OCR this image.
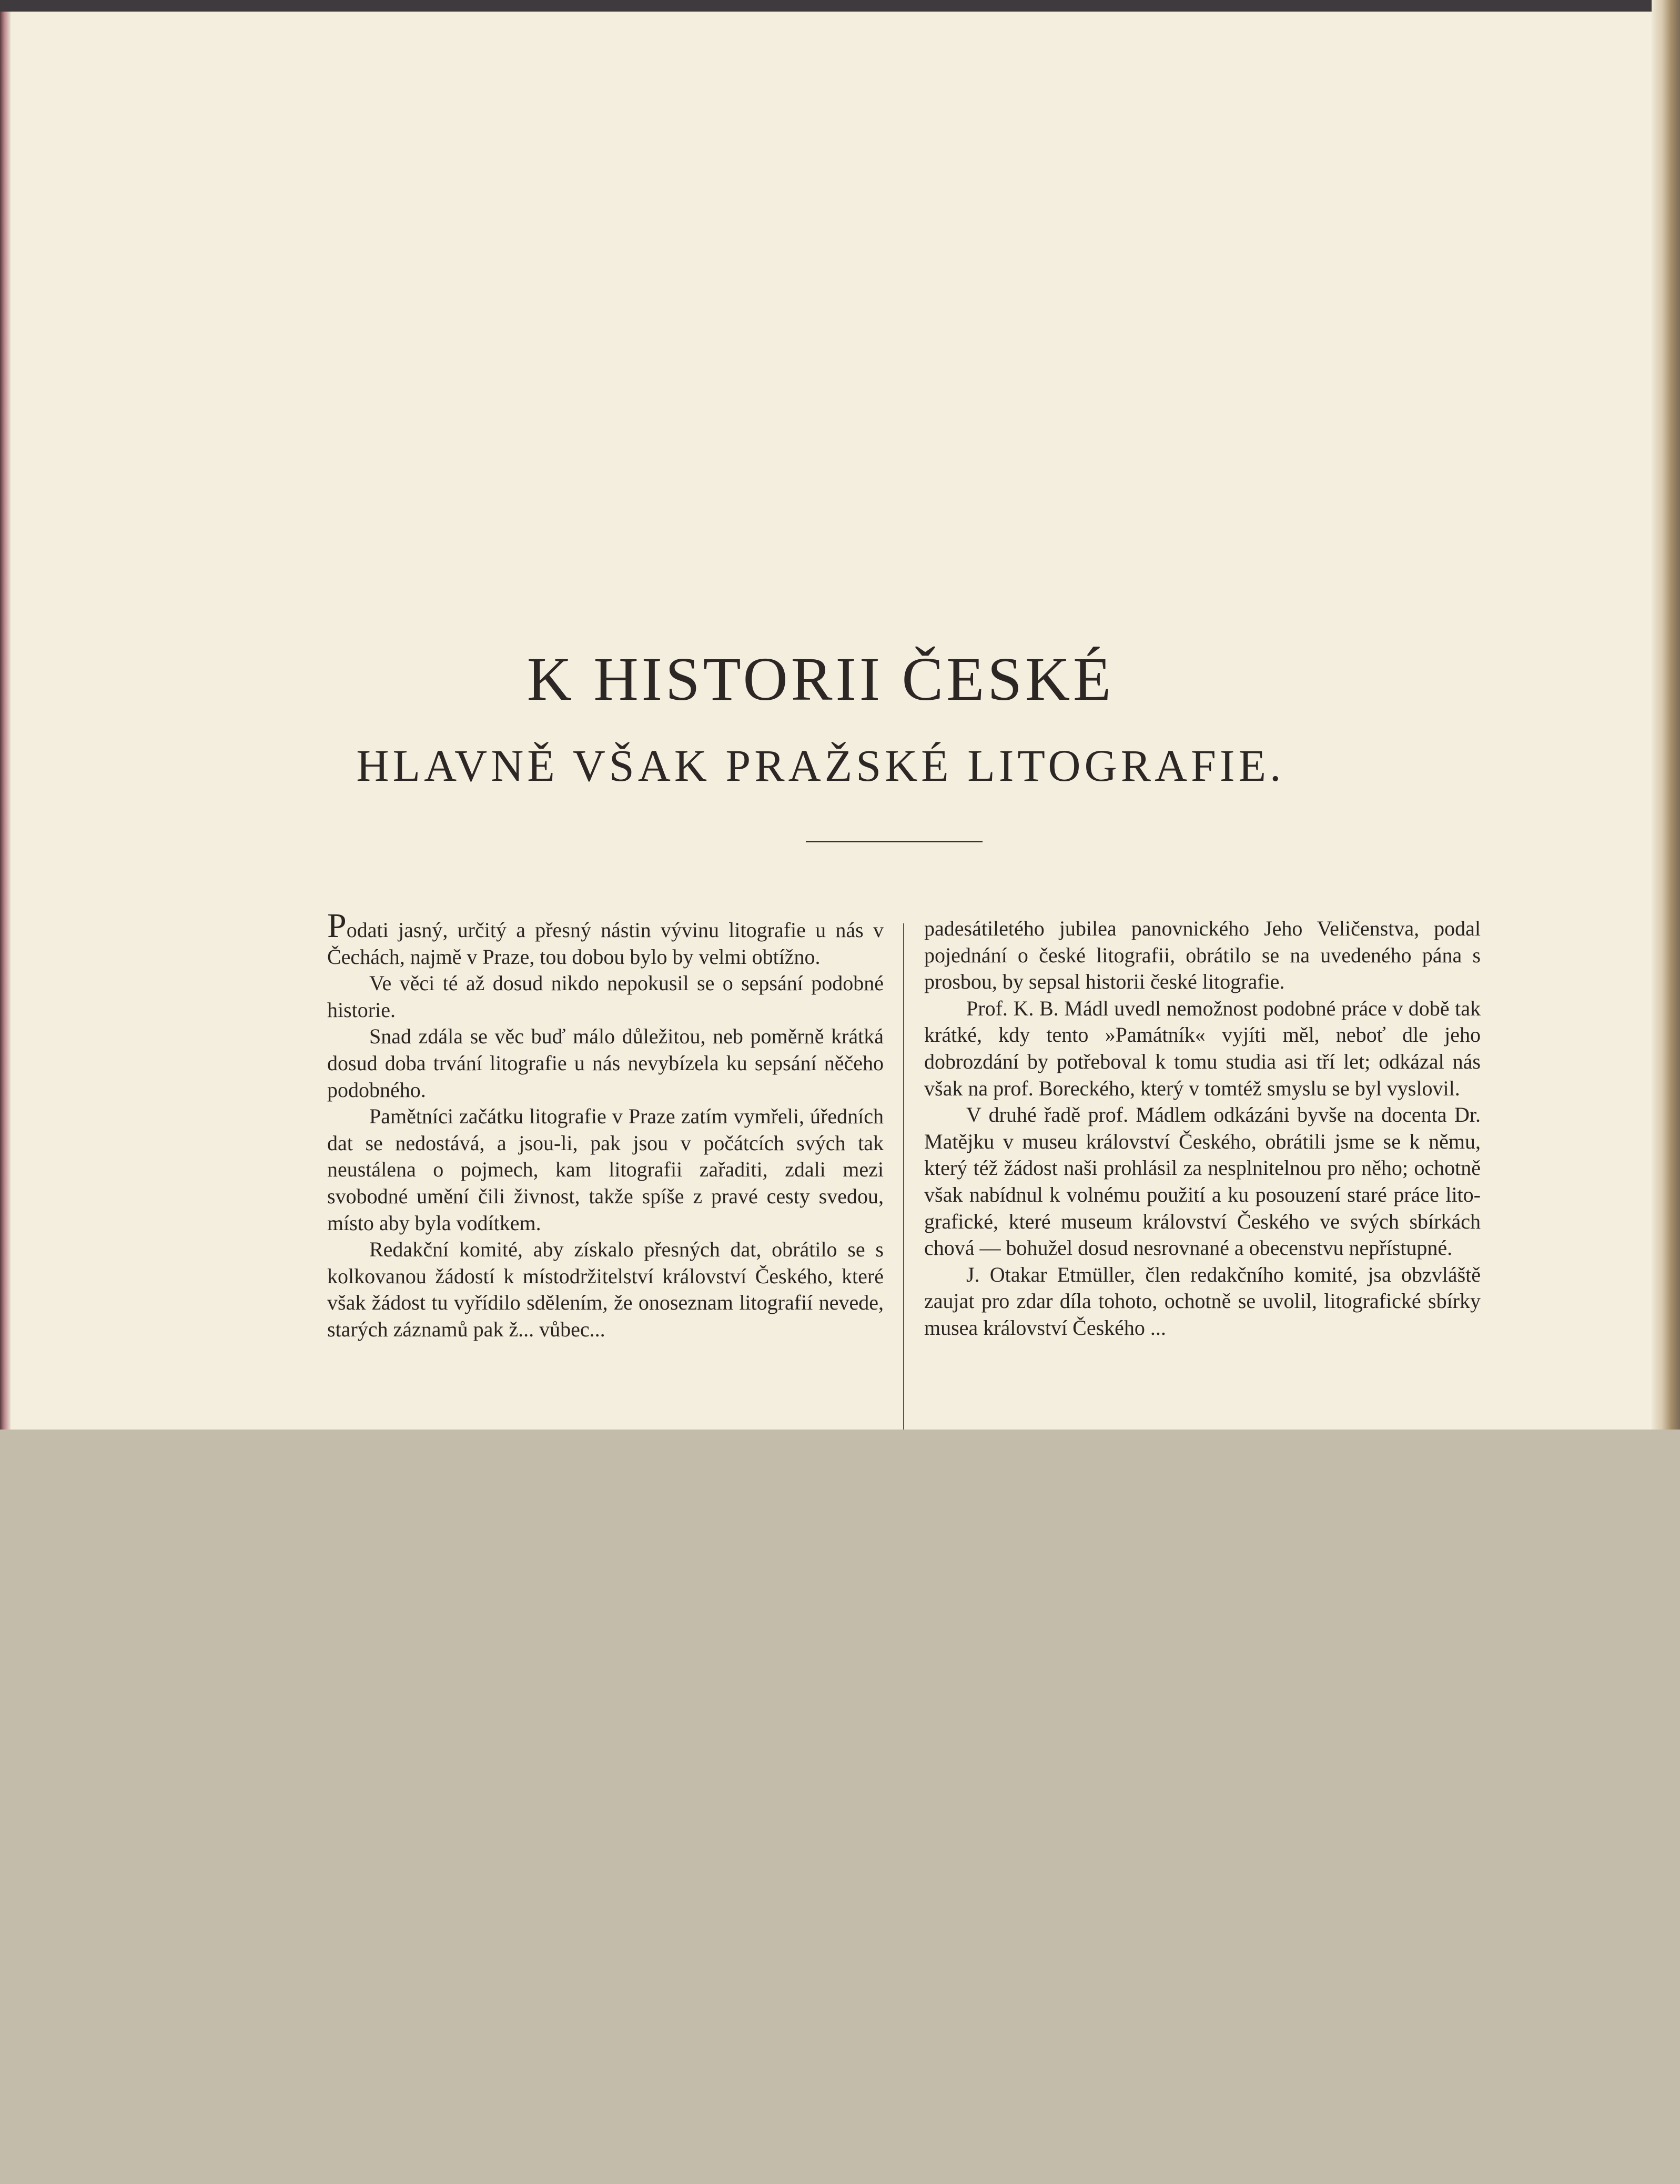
K HISTORII ČESKÉ
HLAVNĚ VŠAK PRAŽSKÉ LITOGRAFIE.

Podati jasný, určitý a přesný nástin vývinu litografie u nás v Čechách, najmě v Praze, tou dobou bylo by velmi obtížno.

Ve věci té až dosud nikdo nepokusil se o sepsání podobné historie.

Snad zdála se věc buď málo důležitou, neb poměrně krátká dosud doba trvání litografie u nás nevybízela ku sepsání něčeho podobného.

Pamětníci začátku litografie v Praze zatím vymřeli, úředních dat se nedostává, a jsou-li, pak jsou v počátcích svých tak neustálena o pojmech, kam litografii zařaditi, zdali mezi svobodné umění čili živnost, takže spíše z pravé cesty svedou, místo aby byla vodítkem.

Redakční komité, aby získalo přesných dat, obrátilo se s kolkovanou žádostí k místodržitelství království Českého, které však žádost tu vyřídilo sdělením, že onoseznam litografií nevede, starých záznamů pak ž... vůbec...

padesátiletého jubilea panovnického Jeho Veličenstva, podal pojednání o české litografii, obrátilo se na uvedeného pána s prosbou, by sepsal historii české litografie.

Prof. K. B. Mádl uvedl nemožnost podobné práce v době tak krátké, kdy tento »Památník« vyjíti měl, neboť dle jeho dobrozdání by potřeboval k tomu studia asi tří let; odkázal nás však na prof. Boreckého, který v tomtéž smyslu se byl vyslovil.

V druhé řadě prof. Mádlem odkázáni byvše na docenta Dr. Matějku v museu království Českého, obrátili jsme se k němu, který též žádost naši prohlásil za nesplnitelnou pro něho; ochotně však nabídnul k volnému použití a ku posouzení staré práce litografické, které museum království Českého ve svých sbírkách chová — bohužel dosud nesrovnané a obecenstvu nepřístupné.

J. Otakar Etmüller, člen redakčního komité, jsa obzvláště zaujat pro zdar díla tohoto, ochotně se uvolil, litografické sbírky musea království Českého ...
